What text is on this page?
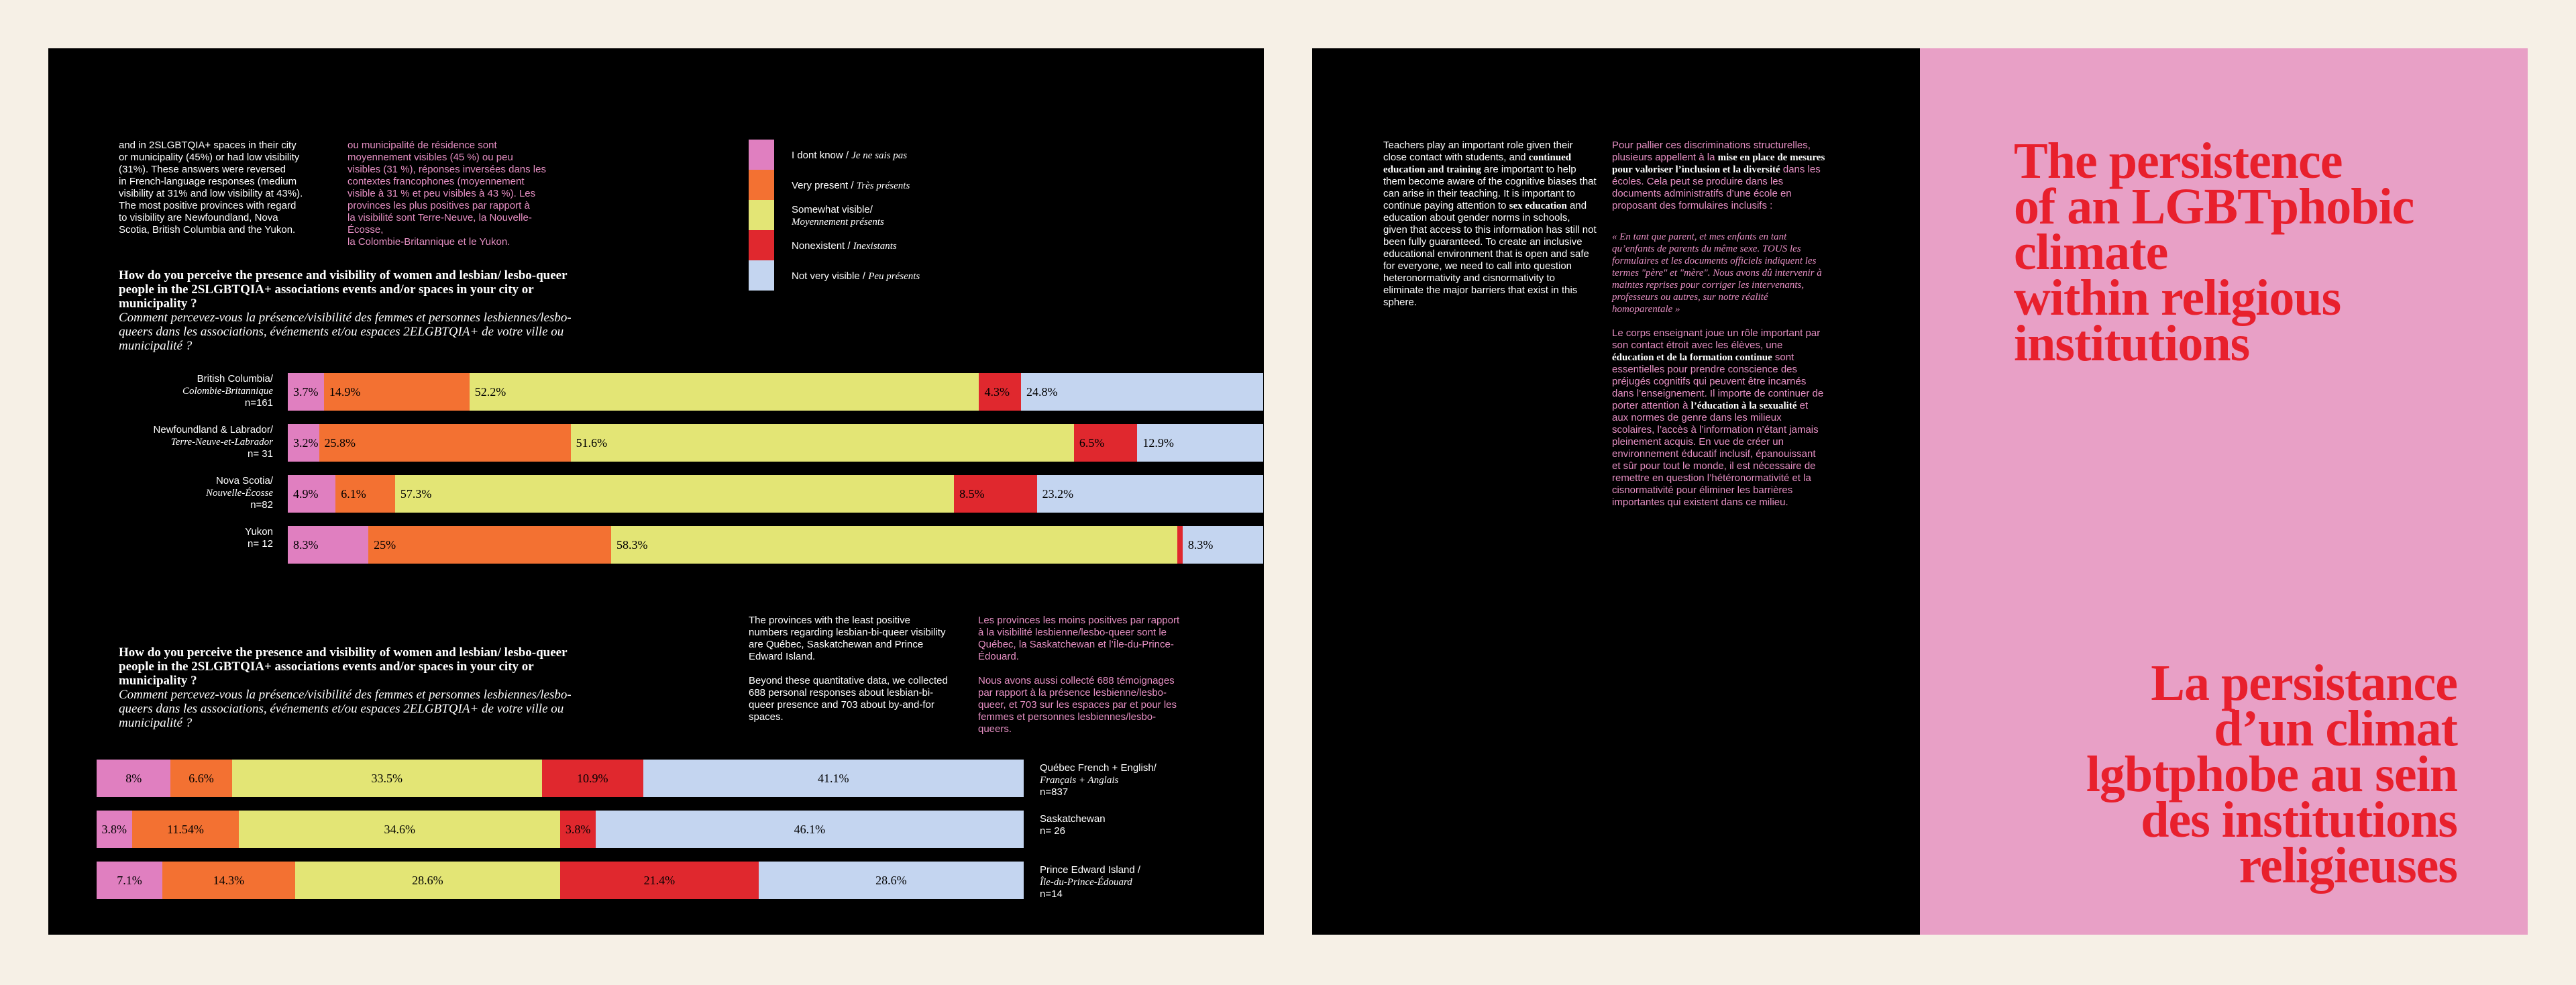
and in 2SLGBTQIA+ spaces in their city
or municipality (45%) or had low visibility
(31%). These answers were reversed
in French-language responses (medium
visibility at 31% and low visibility at 43%).
The most positive provinces with regard
to visibility are Newfoundland, Nova
Scotia, British Columbia and the Yukon.
ou municipalité de résidence sont
moyennement visibles (45 %) ou peu
visibles (31 %), réponses inversées dans les
contextes francophones (moyennement
visible à 31 % et peu visibles à 43 %). Les
provinces les plus positives par rapport à
la visibilité sont Terre-Neuve, la Nouvelle-
Écosse,
la Colombie-Britannique et le Yukon.
I dont know / Je ne sais pas
Very present / Très présents
Somewhat visible/
Moyennement présents
Nonexistent / Inexistants
Not very visible / Peu présents
How do you perceive the presence and visibility of women and lesbian/ lesbo-queer people in the 2SLGBTQIA+ associations events and/or spaces in your city or municipality ?
Comment percevez-vous la présence/visibilité des femmes et personnes lesbiennes/lesbo-queers dans les associations, événements et/ou espaces 2ELGBTQIA+ de votre ville ou municipalité ?
British Columbia/
Colombie-Britannique
n=161
3.7% 14.9%	52.2%	4.3%	24.8%
Newfoundland & Labrador/
Terre-Neuve-et-Labrador
n= 31
3.2% 25.8%	51.6%	6.5%	12.9%
Nova Scotia/
Nouvelle-Écosse
n=82
4.9%	6.1%	57.3%	8.5%	23.2%
Yukon
n= 12	8.3%	25%	58.3%	8.3%
The provinces with the least positive numbers regarding lesbian-bi-queer visibility are Québec, Saskatchewan and Prince Edward Island.
Beyond these quantitative data, we collected 688 personal responses about lesbian-bi-queer presence and 703 about by-and-for spaces.
Les provinces les moins positives par rapport à la visibilité lesbienne/lesbo-queer sont le Québec, la Saskatchewan et l’Île-du-Prince-Édouard.
Nous avons aussi collecté 688 témoignages par rapport à la présence lesbienne/lesbo-queer, et 703 sur les espaces par et pour les femmes et personnes lesbiennes/lesbo-queers.
How do you perceive the presence and visibility of women and lesbian/ lesbo-queer people in the 2SLGBTQIA+ associations events and/or spaces in your city or municipality ?
Comment percevez-vous la présence/visibilité des femmes et personnes lesbiennes/lesbo-queers dans les associations, événements et/ou espaces 2ELGBTQIA+ de votre ville ou municipalité ?
Québec French + English/
Français + Anglais
n=837
8%	6.6%	33.5%	10.9%	41.1%
Saskatchewan
n= 26
3.8%	11.54%	34.6%	3.8%	46.1%
Prince Edward Island /
Île-du-Prince-Édouard
n=14
7.1%	14.3%	28.6%	21.4%	28.6%
Teachers play an important role given their close contact with students, and continued education and training are important to help them become aware of the cognitive biases that can arise in their teaching. It is important to continue paying attention to sex education and education about gender norms in schools, given that access to this information has still not been fully guaranteed. To create an inclusive educational environment that is open and safe for everyone, we need to call into question heteronormativity and cisnormativity to eliminate the major barriers that exist in this sphere.
Pour pallier ces discriminations structurelles, plusieurs appellent à la mise en place de mesures pour valoriser l’inclusion et la diversité dans les écoles. Cela peut se produire dans les documents administratifs d’une école en proposant des formulaires inclusifs :
« En tant que parent, et mes enfants en tant qu’enfants de parents du même sexe. TOUS les formulaires et les documents officiels indiquent les termes "père" et "mère". Nous avons dû intervenir à maintes reprises pour corriger les intervenants, professeurs ou autres, sur notre réalité homoparentale »
Le corps enseignant joue un rôle important par son contact étroit avec les élèves, une éducation et de la formation continue sont essentielles pour prendre conscience des préjugés cognitifs qui peuvent être incarnés dans l’enseignement. Il importe de continuer de porter attention à l’éducation à la sexualité et aux normes de genre dans les milieux scolaires, l’accès à l’information n’étant jamais pleinement acquis. En vue de créer un environnement éducatif inclusif, épanouissant et sûr pour tout le monde, il est nécessaire de remettre en question l’hétéronormativité et la cisnormativité pour éliminer les barrières importantes qui existent dans ce milieu.
The persistence
of an LGBTphobic
climate
within religious
institutions
La persistance
d’un climat
lgbtphobe au sein
des institutions
religieuses
